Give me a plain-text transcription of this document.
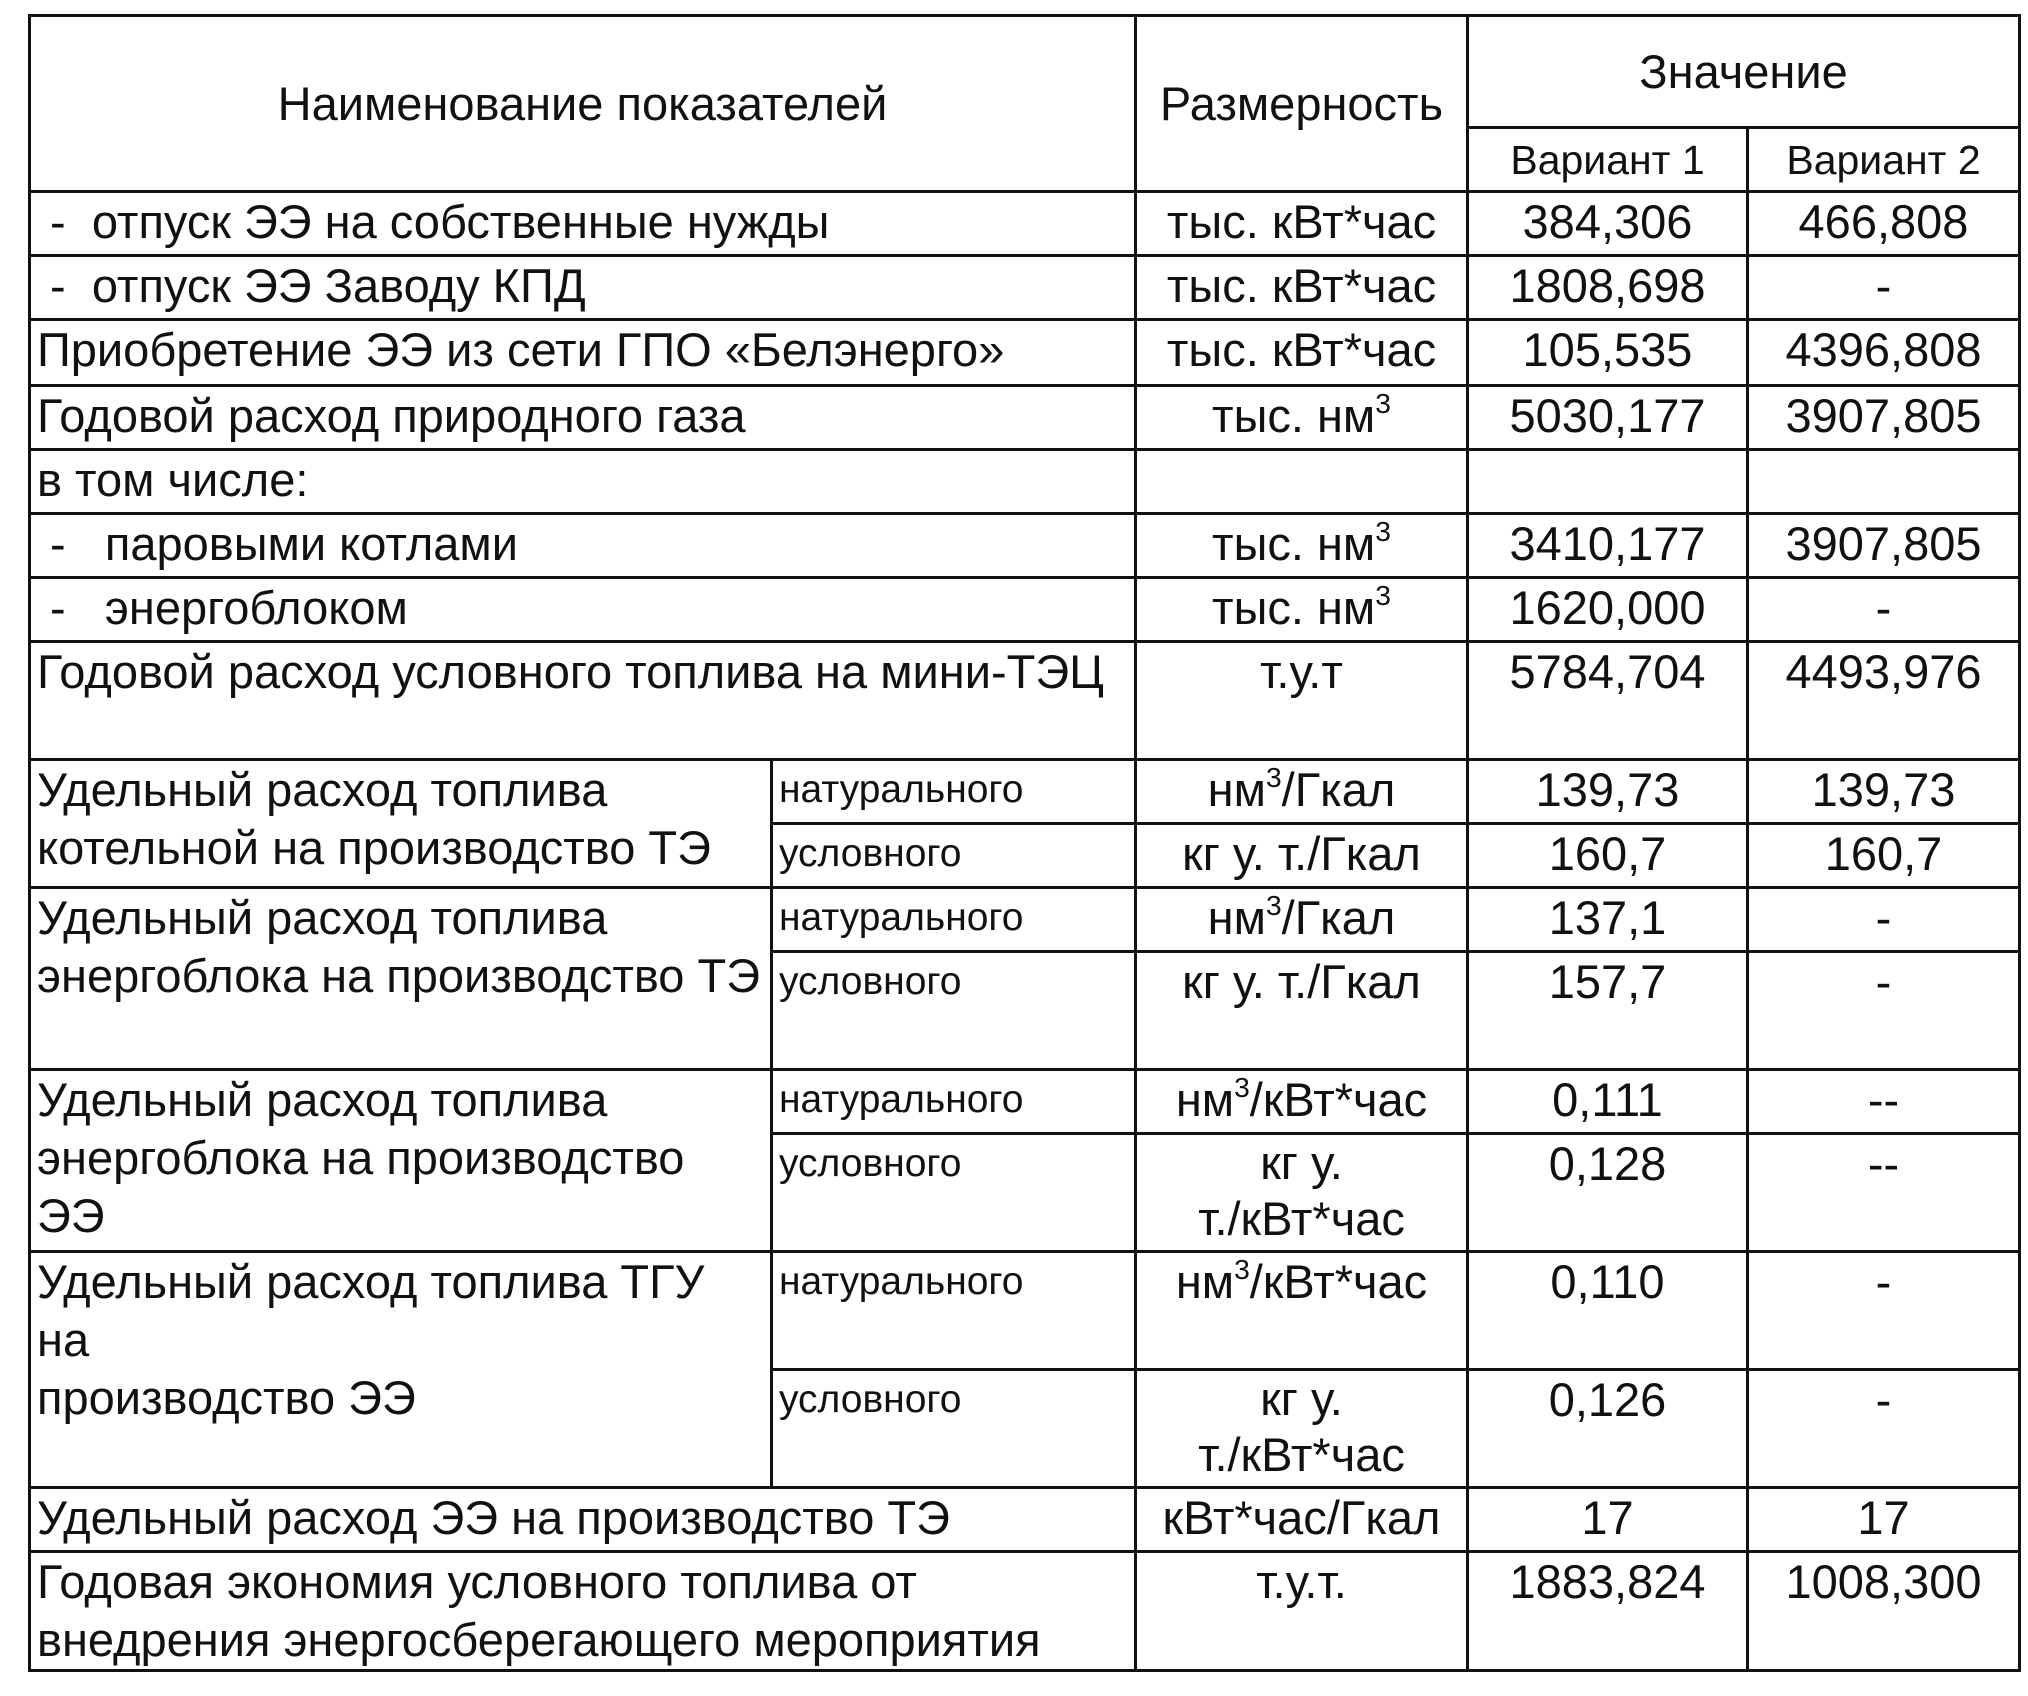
Наименование показателей		Размерность	Значение	
			Вариант 1	Вариант 2
-  отпуск ЭЭ на собственные нужды		тыс. кВт*час	384,306	466,808
-  отпуск ЭЭ Заводу КПД		тыс. кВт*час	1808,698	-
Приобретение ЭЭ из сети ГПО «Белэнерго»		тыс. кВт*час	105,535	4396,808
Годовой расход природного газа		тыс. $нм^3$	5030,177	3907,805
в том числе:				
-   паровыми котлами		тыс. $нм^3$	3410,177	3907,805
-   энергоблоком		тыс. $нм^3$	1620,000	-
Годовой расход условного топлива на мини-ТЭЦ		т.у.т	5784,704	4493,976
Удельный расход топлива котельной на производство ТЭ	натурального	$нм^3$/Гкал	139,73	139,73
	условного	кг у. т./Гкал	160,7	160,7
Удельный расход топлива энергоблока на производство ТЭ	натурального	$нм^3$/Гкал	137,1	-
	условного	кг у. т./Гкал	157,7	-
Удельный расход топлива энергоблока на производство ЭЭ	натурального	$нм^3/кВт*час$	0,111	--
	условного	кг у.
т./кВт*час	0,128	--
Удельный расход топлива ТГУ на
производство ЭЭ	натурального	$нм^3/кВт*час$	0,110	-
	условного	кг у.
т./кВт*час	0,126	-
Удельный расход ЭЭ на производство ТЭ		кВт*час/Гкал	17	17
Годовая экономия условного топлива от внедрения энергосберегающего мероприятия		т.у.т.	1883,824	1008,300
